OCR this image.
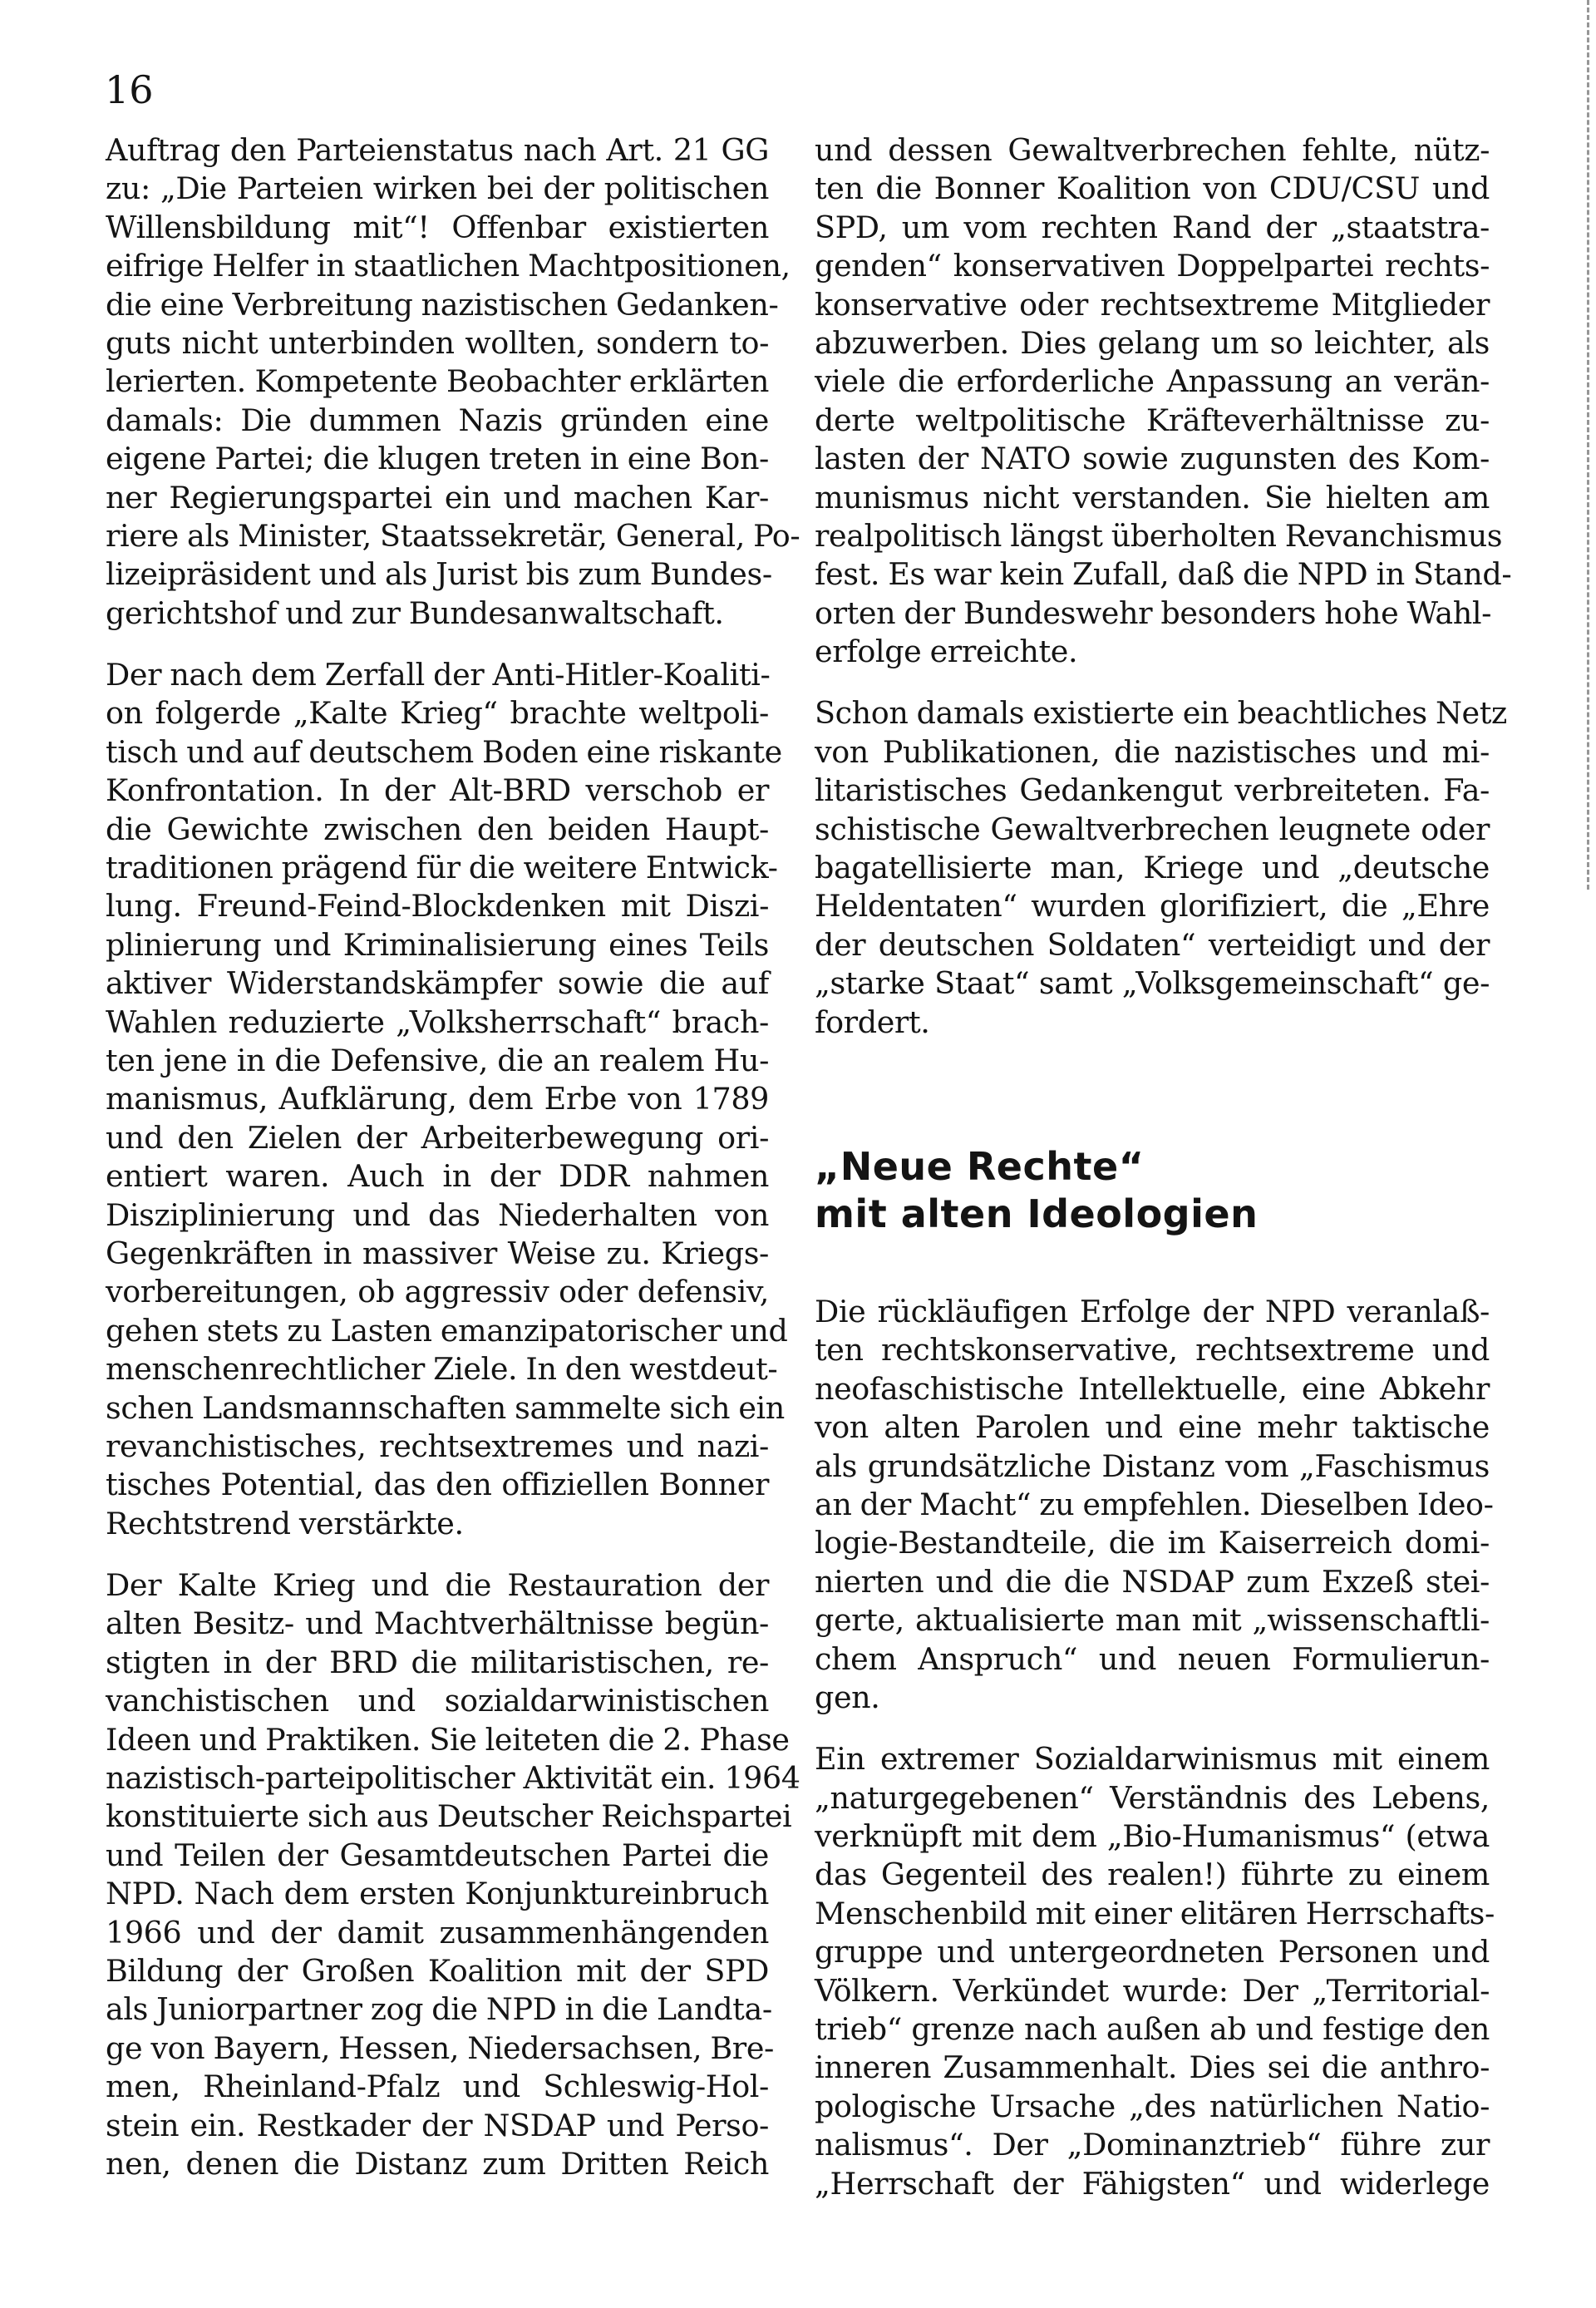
16
Auftrag den Parteienstatus nach Art. 21 GG
zu: „Die Parteien wirken bei der politischen
Willensbildung mit“! Offenbar existierten
eifrige Helfer in staatlichen Machtpositionen,
die eine Verbreitung nazistischen Gedanken-
guts nicht unterbinden wollten, sondern to-
lerierten. Kompetente Beobachter erklärten
damals: Die dummen Nazis gründen eine
eigene Partei; die klugen treten in eine Bon-
ner Regierungspartei ein und machen Kar-
riere als Minister, Staatssekretär, General, Po-
lizeipräsident und als Jurist bis zum Bundes-
gerichtshof und zur Bundesanwaltschaft.
Der nach dem Zerfall der Anti-Hitler-Koaliti-
on folgerde „Kalte Krieg“ brachte weltpoli-
tisch und auf deutschem Boden eine riskante
Konfrontation. In der Alt-BRD verschob er
die Gewichte zwischen den beiden Haupt-
traditionen prägend für die weitere Entwick-
lung. Freund-Feind-Blockdenken mit Diszi-
plinierung und Kriminalisierung eines Teils
aktiver Widerstandskämpfer sowie die auf
Wahlen reduzierte „Volksherrschaft“ brach-
ten jene in die Defensive, die an realem Hu-
manismus, Aufklärung, dem Erbe von 1789
und den Zielen der Arbeiterbewegung ori-
entiert waren. Auch in der DDR nahmen
Disziplinierung und das Niederhalten von
Gegenkräften in massiver Weise zu. Kriegs-
vorbereitungen, ob aggressiv oder defensiv,
gehen stets zu Lasten emanzipatorischer und
menschenrechtlicher Ziele. In den westdeut-
schen Landsmannschaften sammelte sich ein
revanchistisches, rechtsextremes und nazi-
tisches Potential, das den offiziellen Bonner
Rechtstrend verstärkte.
Der Kalte Krieg und die Restauration der
alten Besitz- und Machtverhältnisse begün-
stigten in der BRD die militaristischen, re-
vanchistischen und sozialdarwinistischen
Ideen und Praktiken. Sie leiteten die 2. Phase
nazistisch-parteipolitischer Aktivität ein. 1964
konstituierte sich aus Deutscher Reichspartei
und Teilen der Gesamtdeutschen Partei die
NPD. Nach dem ersten Konjunktureinbruch
1966 und der damit zusammenhängenden
Bildung der Großen Koalition mit der SPD
als Juniorpartner zog die NPD in die Landta-
ge von Bayern, Hessen, Niedersachsen, Bre-
men, Rheinland-Pfalz und Schleswig-Hol-
stein ein. Restkader der NSDAP und Perso-
nen, denen die Distanz zum Dritten Reich
und dessen Gewaltverbrechen fehlte, nütz-
ten die Bonner Koalition von CDU/CSU und
SPD, um vom rechten Rand der „staatstra-
genden“ konservativen Doppelpartei rechts-
konservative oder rechtsextreme Mitglieder
abzuwerben. Dies gelang um so leichter, als
viele die erforderliche Anpassung an verän-
derte weltpolitische Kräfteverhältnisse zu-
lasten der NATO sowie zugunsten des Kom-
munismus nicht verstanden. Sie hielten am
realpolitisch längst überholten Revanchismus
fest. Es war kein Zufall, daß die NPD in Stand-
orten der Bundeswehr besonders hohe Wahl-
erfolge erreichte.
Schon damals existierte ein beachtliches Netz
von Publikationen, die nazistisches und mi-
litaristisches Gedankengut verbreiteten. Fa-
schistische Gewaltverbrechen leugnete oder
bagatellisierte man, Kriege und „deutsche
Heldentaten“ wurden glorifiziert, die „Ehre
der deutschen Soldaten“ verteidigt und der
„starke Staat“ samt „Volksgemeinschaft“ ge-
fordert.
„Neue Rechte“
mit alten Ideologien
Die rückläufigen Erfolge der NPD veranlaß-
ten rechtskonservative, rechtsextreme und
neofaschistische Intellektuelle, eine Abkehr
von alten Parolen und eine mehr taktische
als grundsätzliche Distanz vom „Faschismus
an der Macht“ zu empfehlen. Dieselben Ideo-
logie-Bestandteile, die im Kaiserreich domi-
nierten und die die NSDAP zum Exzeß stei-
gerte, aktualisierte man mit „wissenschaftli-
chem Anspruch“ und neuen Formulierun-
gen.
Ein extremer Sozialdarwinismus mit einem
„naturgegebenen“ Verständnis des Lebens,
verknüpft mit dem „Bio-Humanismus“ (etwa
das Gegenteil des realen!) führte zu einem
Menschenbild mit einer elitären Herrschafts-
gruppe und untergeordneten Personen und
Völkern. Verkündet wurde: Der „Territorial-
trieb“ grenze nach außen ab und festige den
inneren Zusammenhalt. Dies sei die anthro-
pologische Ursache „des natürlichen Natio-
nalismus“. Der „Dominanztrieb“ führe zur
„Herrschaft der Fähigsten“ und widerlege
